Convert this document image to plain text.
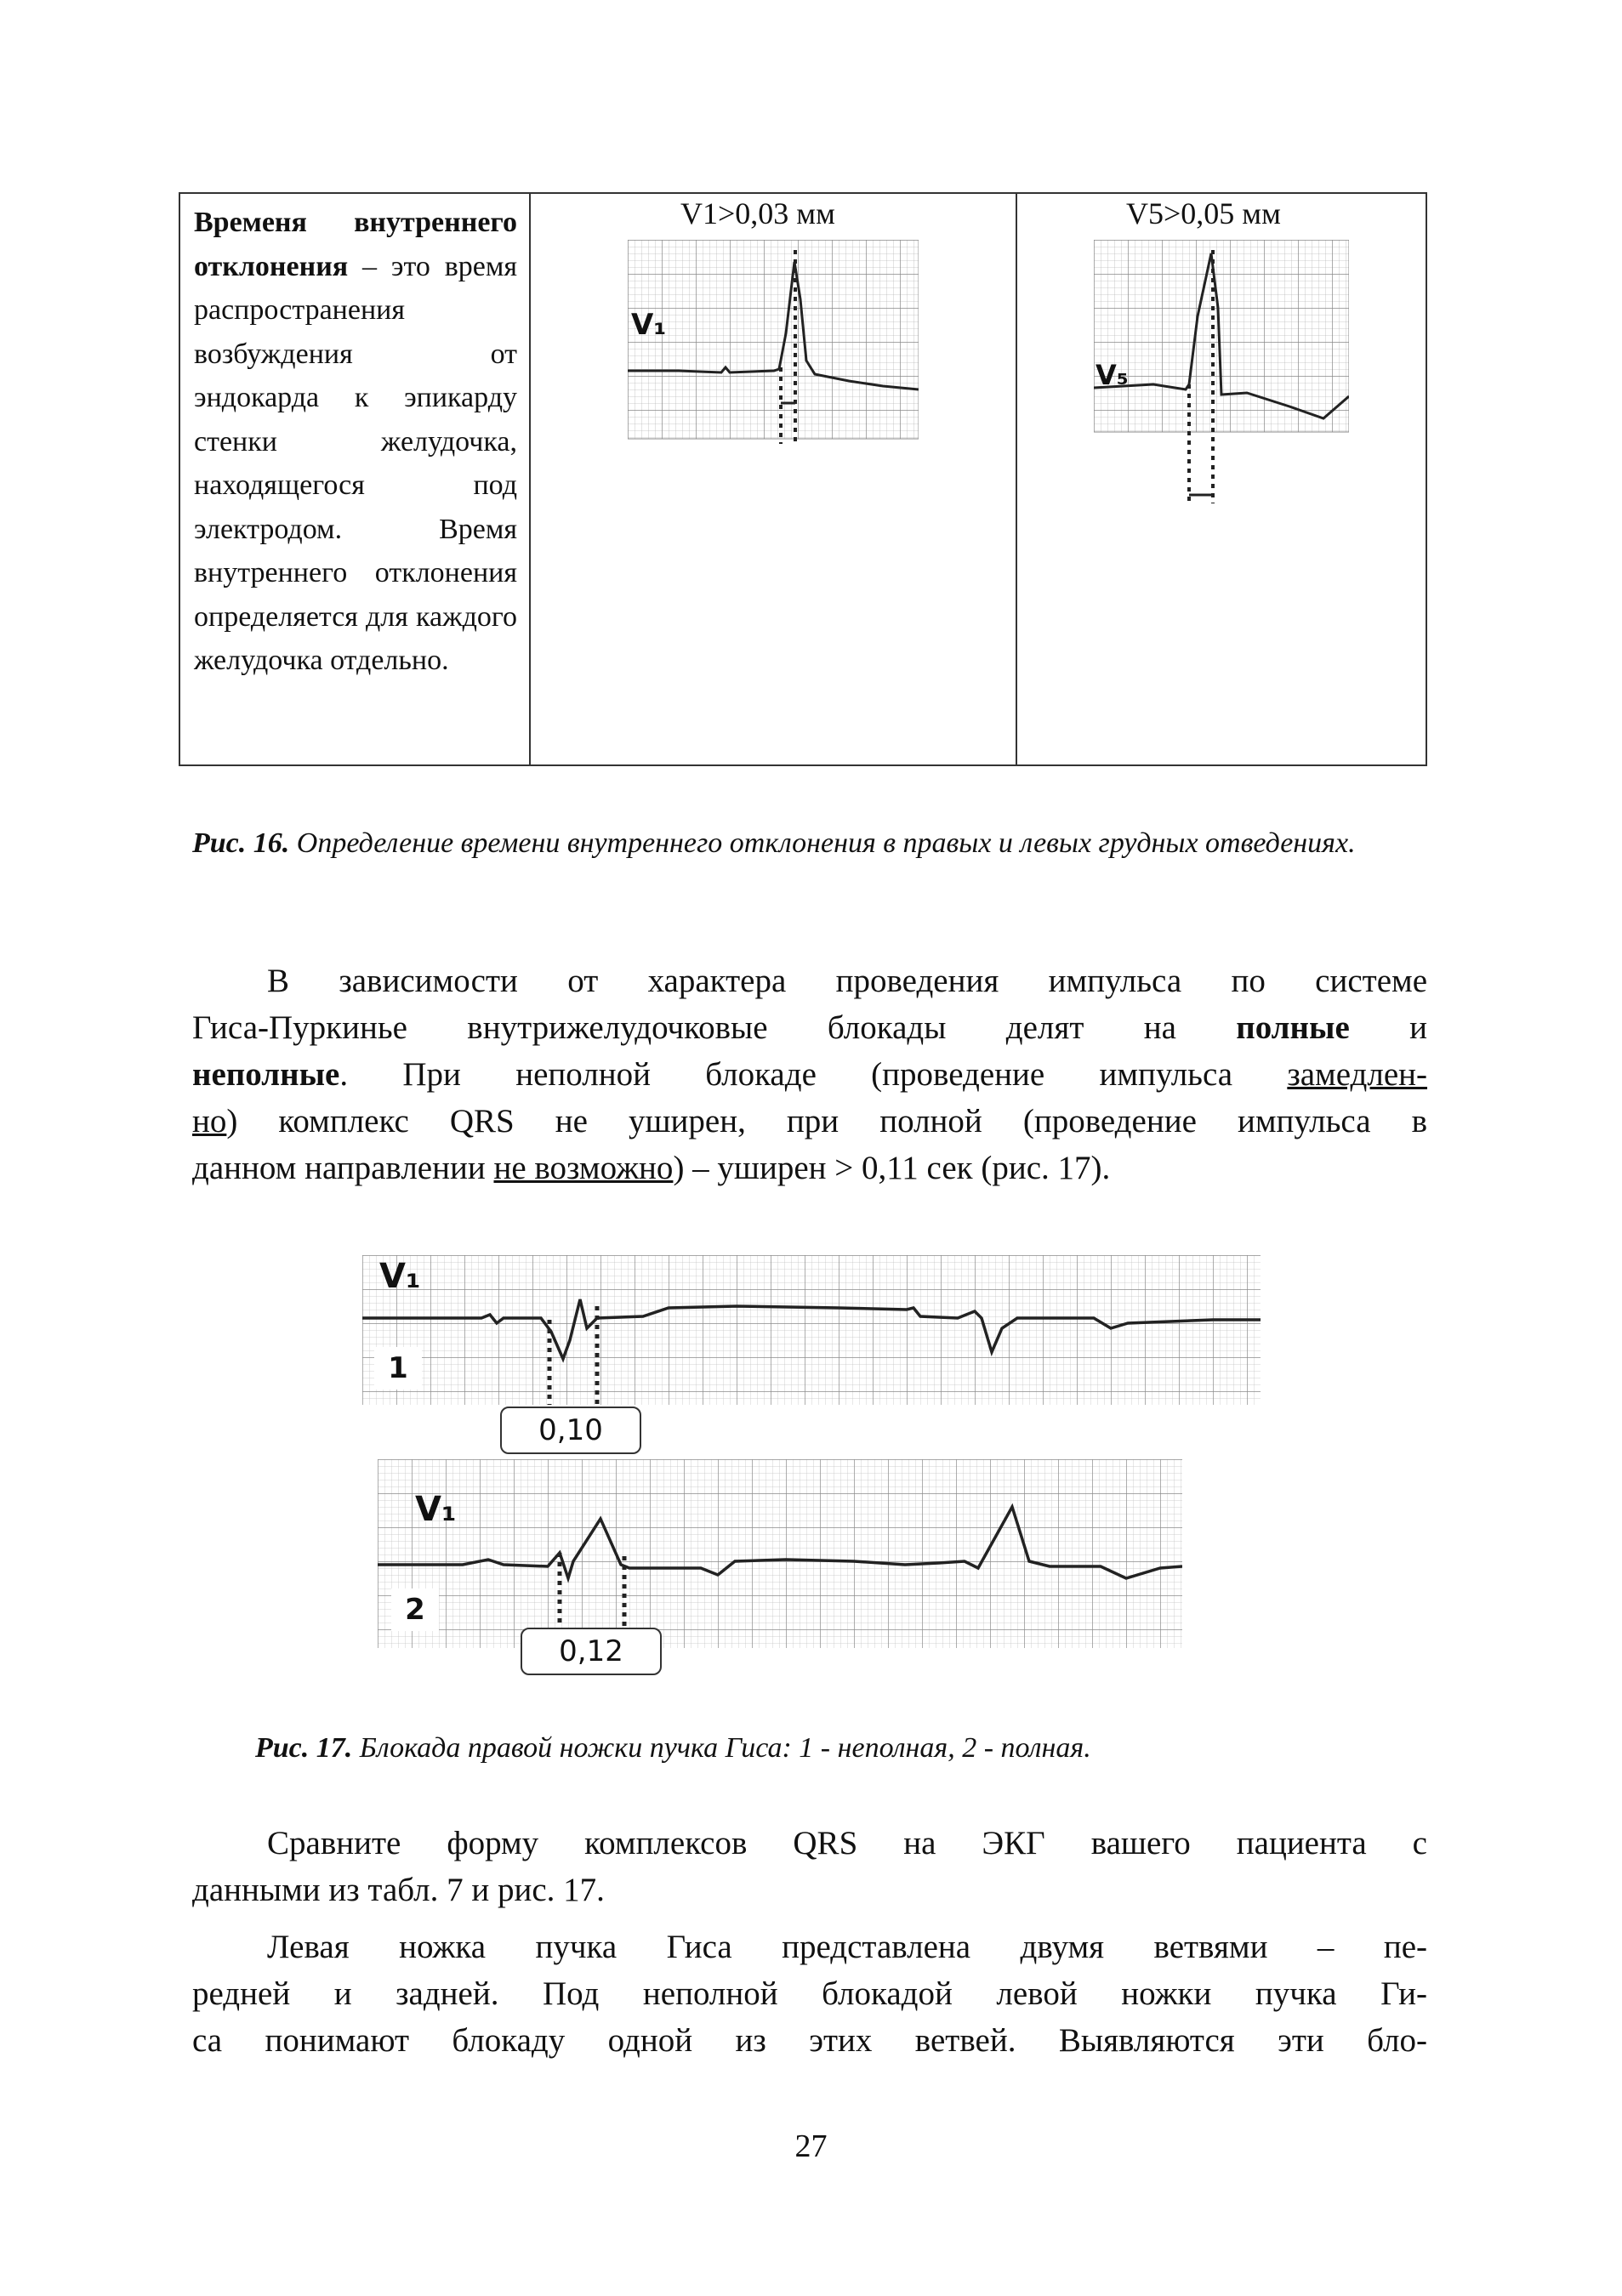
Временя внутреннего отклонения – это время распространения возбуждения от эндокарда к эпикарду стенки желудочка, находящегося под электродом. Время внутреннего отклонения определяется для каждого желудочка отдельно.
V1>0,03 мм	V5>0,05 мм
V₁
V₅
Рис. 16. Определение времени внутреннего отклонения в правых и левых грудных отведениях.
В зависимости от характера проведения импульса по системе
Гиса-Пуркинье внутрижелудочковые блокады делят на полные и
неполные. При неполной блокаде (проведение импульса замедлен-
но) комплекс QRS не уширен, при полной (проведение импульса в
данном направлении не возможно) – уширен > 0,11 сек (рис. 17).
V₁
1
0,10
V₁
2
0,12
Рис. 17. Блокада правой ножки пучка Гиса: 1 - неполная, 2 - полная.
Сравните форму комплексов QRS на ЭКГ вашего пациента с
данными из табл. 7 и рис. 17.
Левая ножка пучка Гиса представлена двумя ветвями – пе-
редней и задней. Под неполной блокадой левой ножки пучка Ги-
са понимают блокаду одной из этих ветвей. Выявляются эти бло-
27
